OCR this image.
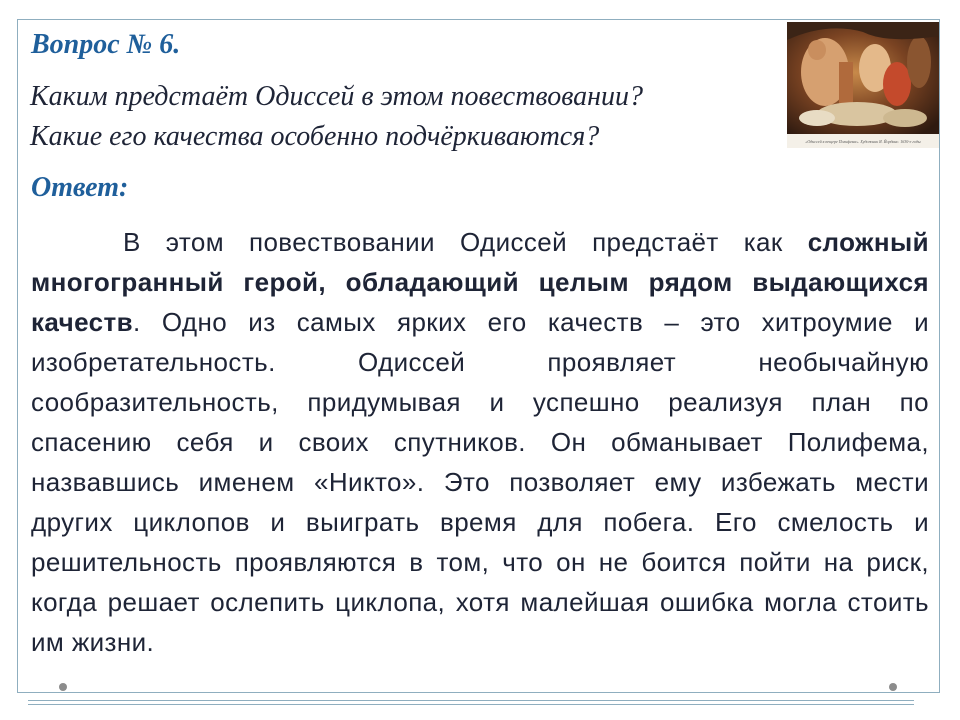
Вопрос № 6.

Каким предстаёт Одиссей в этом повествовании?

Какие его качества особенно подчёркиваются?	«Одиссей в пещере Полифема». Художник Я. Йорданс. 1630-е годы
Ответ:
В этом повествовании Одиссей предстаёт как сложный многогранный герой, обладающий целым рядом выдающихся качеств. Одно из самых ярких его качеств – это хитроумие и изобретательность. Одиссей проявляет необычайную сообразительность, придумывая и успешно реализуя план по спасению себя и своих спутников. Он обманывает Полифема, назвавшись именем «Никто». Это позволяет ему избежать мести других циклопов и выиграть время для побега. Его смелость и решительность проявляются в том, что он не боится пойти на риск, когда решает ослепить циклопа, хотя малейшая ошибка могла стоить им жизни.
